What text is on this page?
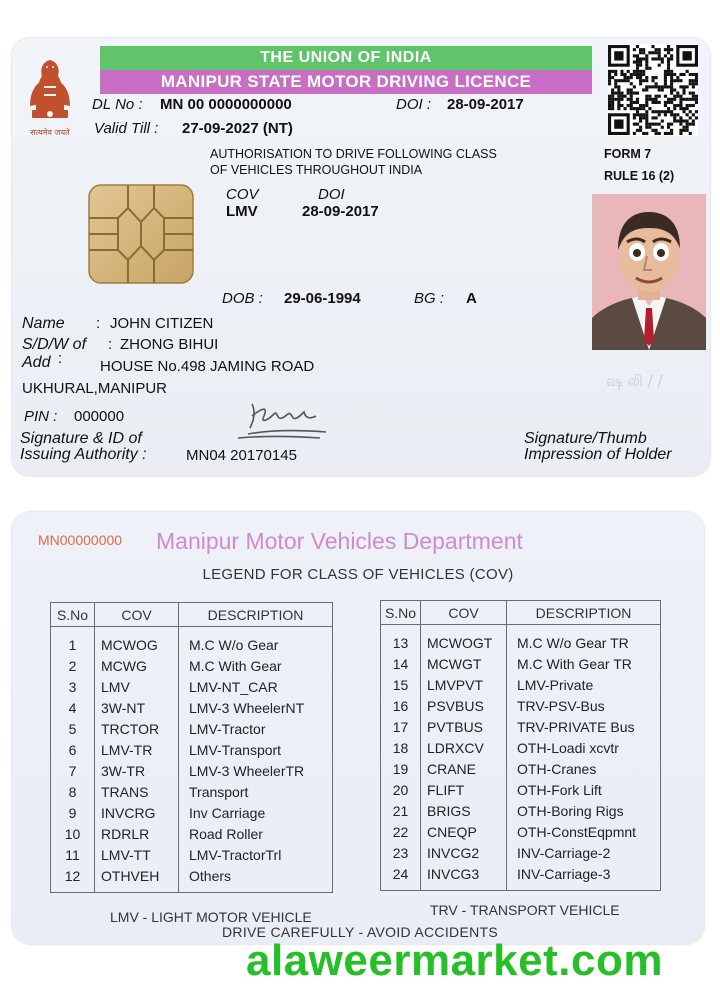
सत्यमेव जयते
THE UNION OF INDIA
MANIPUR STATE MOTOR DRIVING LICENCE
DL No : MN 00 0000000000	DOI : 28-09-2017
Valid Till : 27-09-2027 (NT)
AUTHORISATION TO DRIVE FOLLOWING CLASS
OF VEHICLES THROUGHOUT INDIA
FORM 7
RULE 16 (2)
COV	DOI
LMV	28-09-2017
DOB : 29-06-1994	BG : A
Name : JOHN CITIZEN
S/D/W of : ZHONG BIHUI
Add :	HOUSE No.498 JAMING ROAD
UKHURAL,MANIPUR
PIN : 000000
ஷ லி / /
Signature & ID of
Issuing Authority :	MN04 20170145
Signature/Thumb
Impression of Holder
MN00000000 Manipur Motor Vehicles Department
LEGEND FOR CLASS OF VEHICLES (COV)
S.No	COV	DESCRIPTION
1	MCWOG	M.C W/o Gear
2	MCWG	M.C With Gear
3	LMV	LMV-NT_CAR
4	3W-NT	LMV-3 WheelerNT
5	TRCTOR	LMV-Tractor
6	LMV-TR	LMV-Transport
7	3W-TR	LMV-3 WheelerTR
8	TRANS	Transport
9	INVCRG	Inv Carriage
10	RDRLR	Road Roller
11	LMV-TT	LMV-TractorTrl
12	OTHVEH	Others
S.No	COV	DESCRIPTION
13	MCWOGT	M.C W/o Gear TR
14	MCWGT	M.C With Gear TR
15	LMVPVT	LMV-Private
16	PSVBUS	TRV-PSV-Bus
17	PVTBUS	TRV-PRIVATE Bus
18	LDRXCV	OTH-Loadi xcvtr
19	CRANE	OTH-Cranes
20	FLIFT	OTH-Fork Lift
21	BRIGS	OTH-Boring Rigs
22	CNEQP	OTH-ConstEqpmnt
23	INVCG2	INV-Carriage-2
24	INVCG3	INV-Carriage-3
LMV - LIGHT MOTOR VEHICLE	TRV - TRANSPORT VEHICLE
DRIVE CAREFULLY - AVOID ACCIDENTS
alaweermarket.com
